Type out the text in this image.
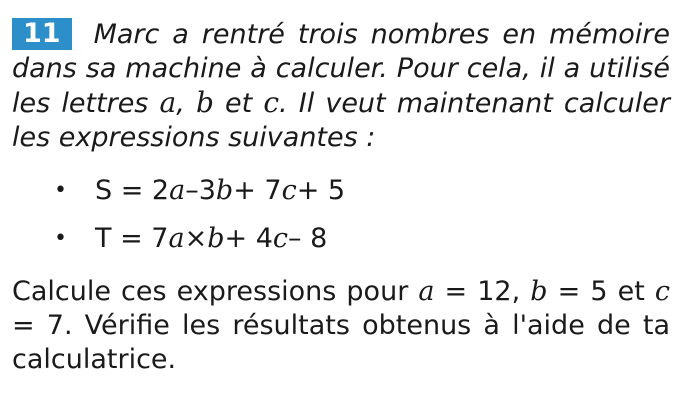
11 Marc a rentré trois nombres en mémoire dans sa machine à calculer. Pour cela, il a utilisé les lettres a, b et c. Il veut maintenant calculer les expressions suivantes :

• S = 2a–3b+ 7c+ 5
• T = 7a×b+ 4c– 8

Calcule ces expressions pour a = 12, b = 5 et c = 7. Vérifie les résultats obtenus à l'aide de ta calculatrice.
